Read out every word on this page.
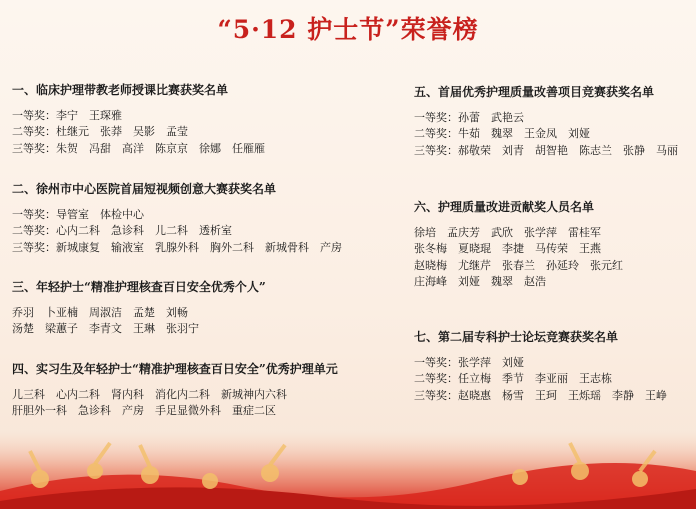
“5·12 护士节”荣誉榜
一、临床护理带教老师授课比赛获奖名单
一等奖：李宁　王琛雅
二等奖：杜继元　张莽　吴影　孟莹
三等奖：朱贺　冯甜　高洋　陈京京　徐娜　任雁雁
二、徐州市中心医院首届短视频创意大赛获奖名单
一等奖：导管室　体检中心
二等奖：心内二科　急诊科　儿二科　透析室
三等奖：新城康复　输液室　乳腺外科　胸外二科　新城骨科　产房
三、年轻护士“精准护理核查百日安全优秀个人”
乔羽　卜亚楠　周淑洁　孟楚　刘畅
汤楚　梁蕙子　李青文　王琳　张羽宁
四、实习生及年轻护士“精准护理核查百日安全”优秀护理单元
儿三科　心内二科　肾内科　消化内二科　新城神内六科
肝胆外一科　急诊科　产房　手足显微外科　重症二区
五、首届优秀护理质量改善项目竞赛获奖名单
一等奖：孙蕾　武艳云
二等奖：牛茹　魏翠　王金凤　刘娅
三等奖：郝敬荣　刘青　胡智艳　陈志兰　张静　马丽
六、护理质量改进贡献奖人员名单
徐培　孟庆芳　武欣　张学萍　雷桂军
张冬梅　夏晓琨　李捷　马传荣　王燕
赵晓梅　尤继芹　张春兰　孙延玲　张元红
庄海峰　刘娅　魏翠　赵浩
七、第二届专科护士论坛竞赛获奖名单
一等奖：张学萍　刘娅
二等奖：任立梅　季节　李亚丽　王志栋
三等奖：赵晓惠　杨雪　王珂　王烁瑶　李静　王峥
